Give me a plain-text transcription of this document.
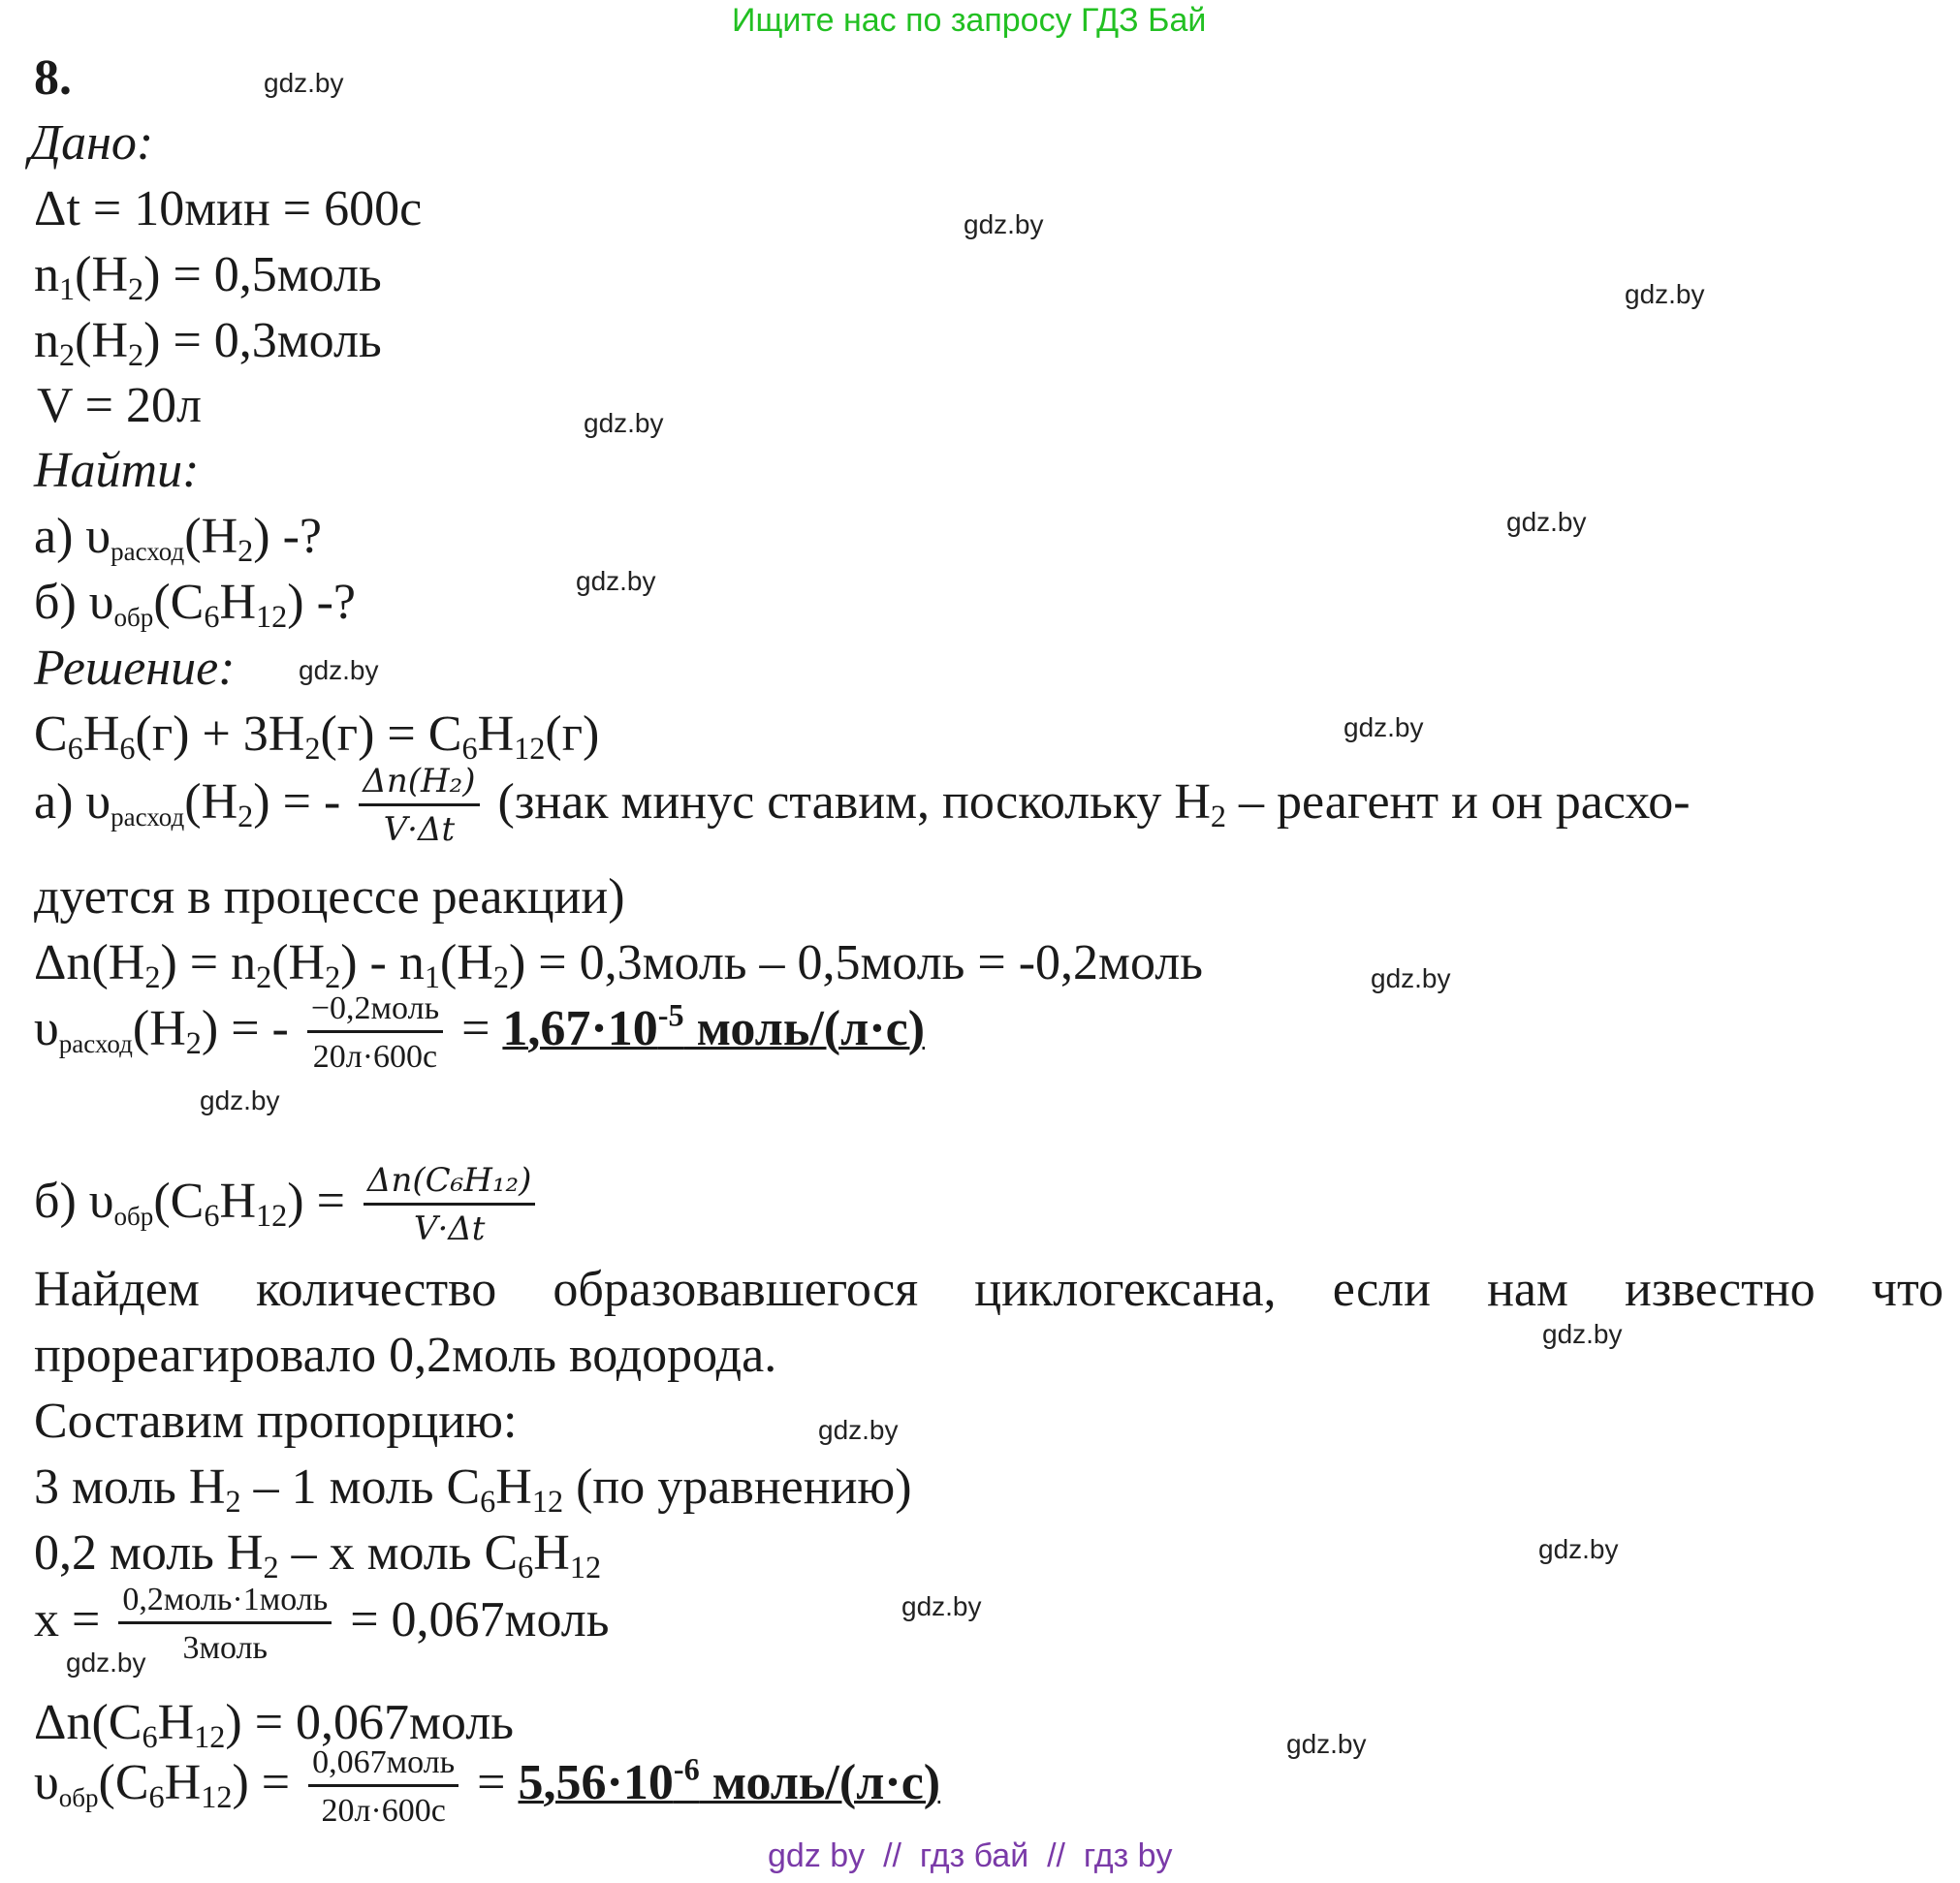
Ищите нас по запросу ГДЗ Бай
8.	gdz.by
gdz.by
gdz.by
gdz.by
gdz.by
gdz.by
gdz.by
gdz.by
gdz.by
gdz.by
gdz.by
gdz.by
gdz.by
gdz.by
gdz.by
gdz.by
Дано:
Δt = 10мин = 600с
$n_1(H_2)$ = 0,5моль
$n_2(H_2)$ = 0,3моль
V = 20л
Найти:
а) $\upsilon расход(H_2)$ -?
б) $\upsilon обр(C_6H_{12})$ -?
Решение:
$C_6H_6(г) + 3H_2(г) = C_6H_{12}(г)$
а) $\upsilon расход(H_2)$ = - $\frac{\text{Δn(H₂)}}{V\cdot\Delta t}$ (знак минус ставим, поскольку $H_2$ – реагент и он расхо-
дуется в процессе реакции)
$\Delta n(H_2) = n_2(H_2) - n_1(H_2)$ = 0,3моль – 0,5моль = -0,2моль
$\upsilon расход(H_2)$ = - $\frac{\text{−0,2моль}}{20л\cdot 600с} = 1,67\cdot 10^{-5}$ моль/(л·с)
б) $\upsilon обр(C_6H_{12}) = \frac{\text{Δn(C₆H₁₂)}}{V\cdot\Delta t}$
Найдем количество образовавшегося циклогексана, если нам известно что
прореагировало 0,2моль водорода.
Составим пропорцию:
3 моль $H_2 - 1$ моль $C_6H_{12}$ (по уравнению)
0,2 моль $H_2$ – x моль $C_6H_{12}$
$x = \frac{\text{0,2моль·1моль}}{\text{3моль}}$ = 0,067моль
$\Delta n(C_6H_{12})$ = 0,067моль
$\upsilon обр(C_6H_{12}) = \frac{\text{0,067моль}}{20л\cdot 600с} = 5,56\cdot 10^{-6}$ моль/(л·с)
gdz by  //  гдз бай  //  гдз by
